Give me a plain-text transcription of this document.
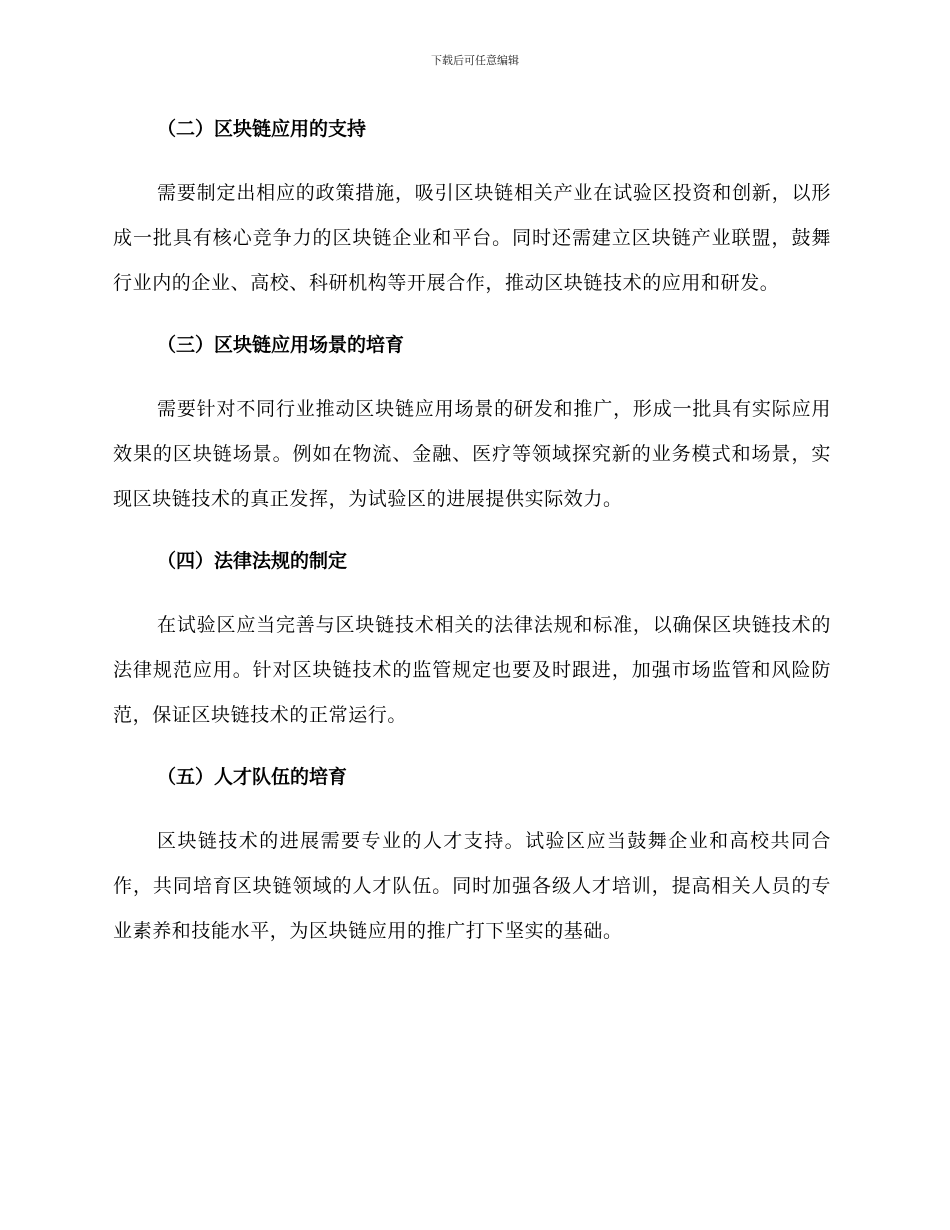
下载后可任意编辑
（二）区块链应用的支持

需要制定出相应的政策措施，吸引区块链相关产业在试验区投资和创新，以形成一批具有核心竞争力的区块链企业和平台。同时还需建立区块链产业联盟，鼓舞行业内的企业、高校、科研机构等开展合作，推动区块链技术的应用和研发。

（三）区块链应用场景的培育

需要针对不同行业推动区块链应用场景的研发和推广，形成一批具有实际应用效果的区块链场景。例如在物流、金融、医疗等领域探究新的业务模式和场景，实现区块链技术的真正发挥，为试验区的进展提供实际效力。

（四）法律法规的制定

在试验区应当完善与区块链技术相关的法律法规和标准，以确保区块链技术的法律规范应用。针对区块链技术的监管规定也要及时跟进，加强市场监管和风险防范，保证区块链技术的正常运行。

（五）人才队伍的培育

区块链技术的进展需要专业的人才支持。试验区应当鼓舞企业和高校共同合作，共同培育区块链领域的人才队伍。同时加强各级人才培训，提高相关人员的专业素养和技能水平，为区块链应用的推广打下坚实的基础。
